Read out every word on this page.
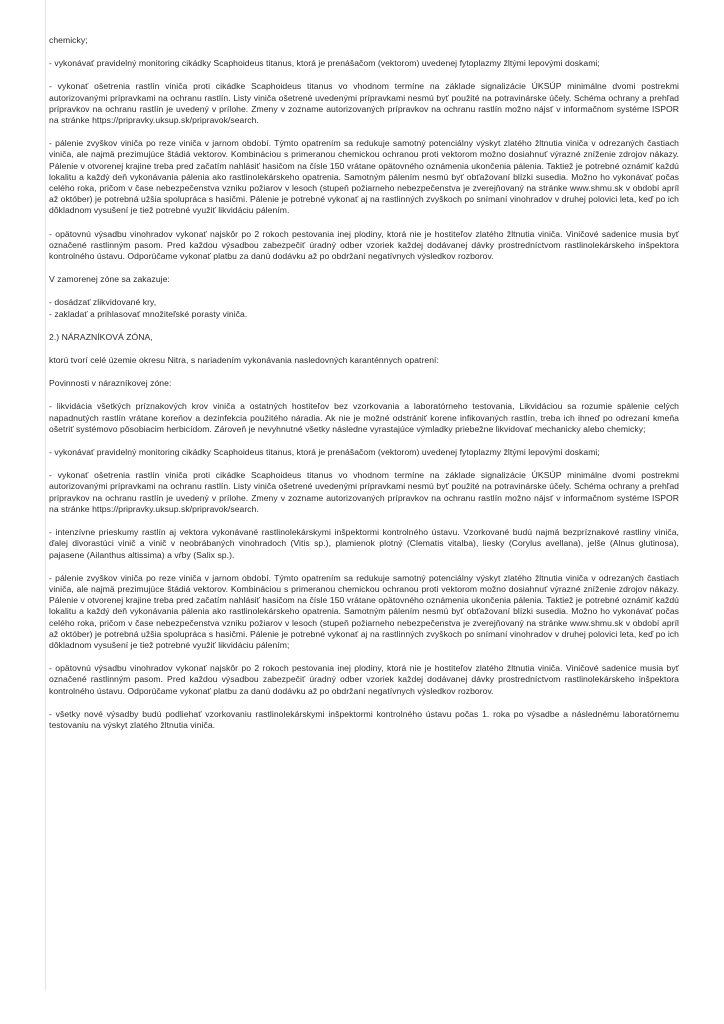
chemicky;

- vykonávať pravidelný monitoring cikádky Scaphoideus titanus, ktorá je prenášačom (vektorom) uvedenej fytoplazmy žltými lepovými doskami;

- vykonať ošetrenia rastlín viniča proti cikádke Scaphoideus titanus vo vhodnom termíne na základe signalizácie ÚKSÚP minimálne dvomi postrekmi autorizovanými prípravkami na ochranu rastlín. Listy viniča ošetrené uvedenými prípravkami nesmú byť použité na potravinárske účely. Schéma ochrany a prehľad prípravkov na ochranu rastlín je uvedený v prílohe. Zmeny v zozname autorizovaných prípravkov na ochranu rastlín možno nájsť v informačnom systéme ISPOR na stránke https://pripravky.uksup.sk/pripravok/search.

- pálenie zvyškov viniča po reze viniča v jarnom období. Týmto opatrením sa redukuje samotný potenciálny výskyt zlatého žltnutia viniča v odrezaných častiach viniča, ale najmä prezimujúce štádiá vektorov. Kombináciou s primeranou chemickou ochranou proti vektorom možno dosiahnuť výrazné zníženie zdrojov nákazy. Pálenie v otvorenej krajine treba pred začatím nahlásiť hasičom na čísle 150 vrátane opätovného oznámenia ukončenia pálenia. Taktiež je potrebné oznámiť každú lokalitu a každý deň vykonávania pálenia ako rastlinolekárskeho opatrenia. Samotným pálením nesmú byť obťažovaní blízki susedia. Možno ho vykonávať počas celého roka, pričom v čase nebezpečenstva vzniku požiarov v lesoch (stupeň požiarneho nebezpečenstva je zverejňovaný na stránke www.shmu.sk v období apríl až október) je potrebná užšia spolupráca s hasičmi. Pálenie je potrebné vykonať aj na rastlinných zvyškoch po snímaní vinohradov v druhej polovici leta, keď po ich dôkladnom vysušení je tiež potrebné využiť likvidáciu pálením.

- opätovnú výsadbu vinohradov vykonať najskôr po 2 rokoch pestovania inej plodiny, ktorá nie je hostiteľov zlatého žltnutia viniča. Viničové sadenice musia byť označené rastlinným pasom. Pred každou výsadbou zabezpečiť úradný odber vzoriek každej dodávanej dávky prostredníctvom rastlinolekárskeho inšpektora kontrolného ústavu. Odporúčame vykonať platbu za danú dodávku až po obdržaní negatívnych výsledkov rozborov.

V zamorenej zóne sa zakazuje:

- dosádzať zlikvidované kry,

- zakladať a prihlasovať množiteľské porasty viniča.

2.) NÁRAZNÍKOVÁ ZÓNA,

ktorú tvorí celé územie okresu Nitra, s nariadením vykonávania nasledovných karanténnych opatrení:

Povinnosti v nárazníkovej zóne:

- likvidácia všetkých príznakových krov viniča a ostatných hostiteľov bez vzorkovania a laboratórneho testovania, Likvidáciou sa rozumie spálenie celých napadnutých rastlín vrátane koreňov a dezinfekcia použitého náradia. Ak nie je možné odstrániť korene infikovaných rastlín, treba ich ihneď po odrezaní kmeňa ošetriť systémovo pôsobiacim herbicídom. Zároveň je nevyhnutné všetky následne vyrastajúce výmladky priebežne likvidovať mechanicky alebo chemicky;

- vykonávať pravidelný monitoring cikádky Scaphoideus titanus, ktorá je prenášačom (vektorom) uvedenej fytoplazmy žltými lepovými doskami;

- vykonať ošetrenia rastlín viniča proti cikádke Scaphoideus titanus vo vhodnom termíne na základe signalizácie ÚKSÚP minimálne dvomi postrekmi autorizovanými prípravkami na ochranu rastlín. Listy viniča ošetrené uvedenými prípravkami nesmú byť použité na potravinárske účely. Schéma ochrany a prehľad prípravkov na ochranu rastlín je uvedený v prílohe. Zmeny v zozname autorizovaných prípravkov na ochranu rastlín možno nájsť v informačnom systéme ISPOR na stránke https://pripravky.uksup.sk/pripravok/search.

- intenzívne prieskumy rastlín aj vektora vykonávané rastlinolekárskymi inšpektormi kontrolného ústavu. Vzorkované budú najmä bezpríznakové rastliny viniča, ďalej divorastúci vinič a vinič v neobrábaných vinohradoch (Vitis sp.), plamienok plotný (Clematis vitalba), lieskу (Corylus avellana), jelše (Alnus glutinosa), pajasene (Ailanthus altissima) a vŕby (Salix sp.).

- pálenie zvyškov viniča po reze viniča v jarnom období. Týmto opatrením sa redukuje samotný potenciálny výskyt zlatého žltnutia viniča v odrezaných častiach viniča, ale najmä prezimujúce štádiá vektorov. Kombináciou s primeranou chemickou ochranou proti vektorom možno dosiahnuť výrazné zníženie zdrojov nákazy. Pálenie v otvorenej krajine treba pred začatím nahlásiť hasičom na čísle 150 vrátane opätovného oznámenia ukončenia pálenia. Taktiež je potrebné oznámiť každú lokalitu a každý deň vykonávania pálenia ako rastlinolekárskeho opatrenia. Samotným pálením nesmú byť obťažovaní blízki susedia. Možno ho vykonávať počas celého roka, pričom v čase nebezpečenstva vzniku požiarov v lesoch (stupeň požiarneho nebezpečenstva je zverejňovaný na stránke www.shmu.sk v období apríl až október) je potrebná užšia spolupráca s hasičmi. Pálenie je potrebné vykonať aj na rastlinných zvyškoch po snímaní vinohradov v druhej polovici leta, keď po ich dôkladnom vysušení je tiež potrebné využiť likvidáciu pálením;

- opätovnú výsadbu vinohradov vykonať najskôr po 2 rokoch pestovania inej plodiny, ktorá nie je hostiteľov zlatého žltnutia viniča. Viničové sadenice musia byť označené rastlinným pasom. Pred každou výsadbou zabezpečiť úradný odber vzoriek každej dodávanej dávky prostredníctvom rastlinolekárskeho inšpektora kontrolného ústavu. Odporúčame vykonať platbu za danú dodávku až po obdržaní negatívnych výsledkov rozborov.

- všetky nové výsadby budú podliehať vzorkovaniu rastlinolekárskymi inšpektormi kontrolného ústavu počas 1. roka po výsadbe a následnému laboratórnemu testovaniu na výskyt zlatého žltnutia viniča.
